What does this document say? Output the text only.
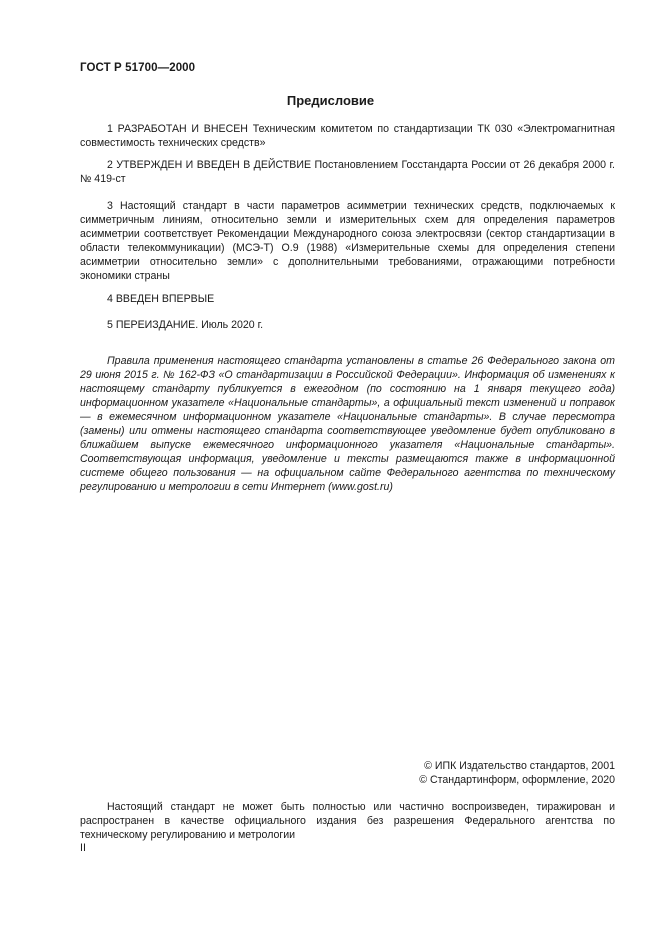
ГОСТ Р 51700—2000
Предисловие

1 РАЗРАБОТАН И ВНЕСЕН Техническим комитетом по стандартизации ТК 030 «Электромагнитная совместимость технических средств»

2 УТВЕРЖДЕН И ВВЕДЕН В ДЕЙСТВИЕ Постановлением Госстандарта России от 26 декабря 2000 г. № 419-ст

3 Настоящий стандарт в части параметров асимметрии технических средств, подключаемых к симметричным линиям, относительно земли и измерительных схем для определения параметров асимметрии соответствует Рекомендации Международного союза электросвязи (сектор стандартизации в области телекоммуникации) (МСЭ-Т) О.9 (1988) «Измерительные схемы для определения степени асимметрии относительно земли» с дополнительными требованиями, отражающими потребности экономики страны

4 ВВЕДЕН ВПЕРВЫЕ

5 ПЕРЕИЗДАНИЕ. Июль 2020 г.

Правила применения настоящего стандарта установлены в статье 26 Федерального закона от 29 июня 2015 г. № 162-ФЗ «О стандартизации в Российской Федерации». Информация об изменениях к настоящему стандарту публикуется в ежегодном (по состоянию на 1 января текущего года) информационном указателе «Национальные стандарты», а официальный текст изменений и поправок — в ежемесячном информационном указателе «Национальные стандарты». В случае пересмотра (замены) или отмены настоящего стандарта соответствующее уведомление будет опубликовано в ближайшем выпуске ежемесячного информационного указателя «Национальные стандарты». Соответствующая информация, уведомление и тексты размещаются также в информационной системе общего пользования — на официальном сайте Федерального агентства по техническому регулированию и метрологии в сети Интернет (www.gost.ru)

© ИПК Издательство стандартов, 2001
© Стандартинформ, оформление, 2020

Настоящий стандарт не может быть полностью или частично воспроизведен, тиражирован и распространен в качестве официального издания без разрешения Федерального агентства по техническому регулированию и метрологии

II
